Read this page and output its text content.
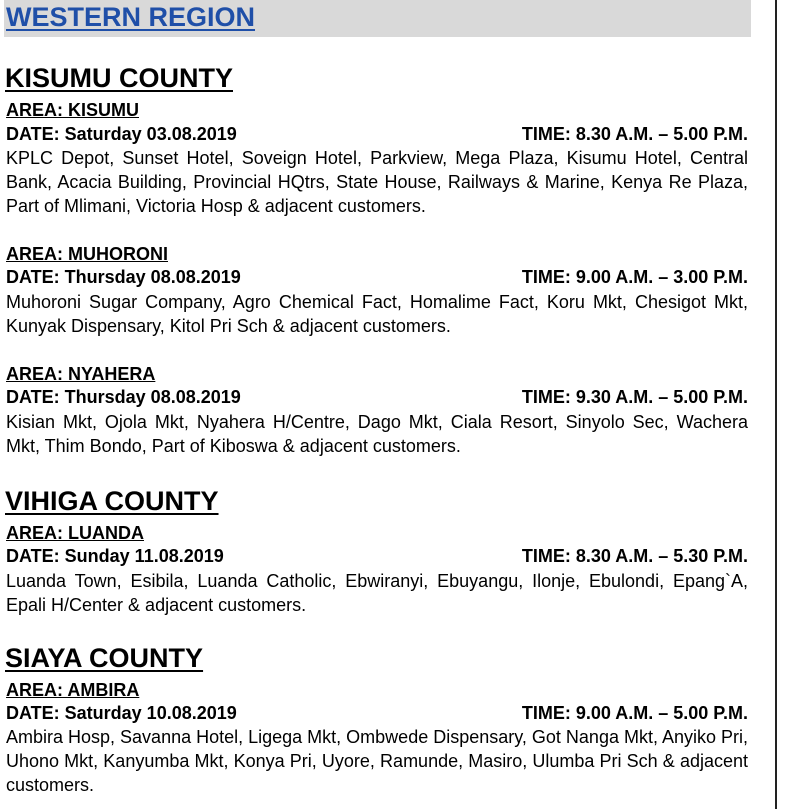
WESTERN REGION
KISUMU COUNTY
AREA: KISUMU
DATE: Saturday 03.08.2019	TIME: 8.30 A.M. – 5.00 P.M.
KPLC Depot, Sunset Hotel, Soveign Hotel, Parkview, Mega Plaza, Kisumu Hotel, Central Bank, Acacia Building, Provincial HQtrs, State House, Railways & Marine, Kenya Re Plaza, Part of Mlimani, Victoria Hosp & adjacent customers.
AREA: MUHORONI
DATE: Thursday 08.08.2019	TIME: 9.00 A.M. – 3.00 P.M.
Muhoroni Sugar Company, Agro Chemical Fact, Homalime Fact, Koru Mkt, Chesigot Mkt, Kunyak Dispensary, Kitol Pri Sch & adjacent customers.
AREA: NYAHERA
DATE: Thursday 08.08.2019	TIME: 9.30 A.M. – 5.00 P.M.
Kisian Mkt, Ojola Mkt, Nyahera H/Centre, Dago Mkt, Ciala Resort, Sinyolo Sec, Wachera Mkt, Thim Bondo, Part of Kiboswa & adjacent customers.
VIHIGA COUNTY
AREA: LUANDA
DATE: Sunday 11.08.2019	TIME: 8.30 A.M. – 5.30 P.M.
Luanda Town, Esibila, Luanda Catholic, Ebwiranyi, Ebuyangu, Ilonje, Ebulondi, Epang`A, Epali H/Center & adjacent customers.
SIAYA COUNTY
AREA: AMBIRA
DATE: Saturday 10.08.2019	TIME: 9.00 A.M. – 5.00 P.M.
Ambira Hosp, Savanna Hotel, Ligega Mkt, Ombwede Dispensary, Got Nanga Mkt, Anyiko Pri, Uhono Mkt, Kanyumba Mkt, Konya Pri, Uyore, Ramunde, Masiro, Ulumba Pri Sch & adjacent customers.
